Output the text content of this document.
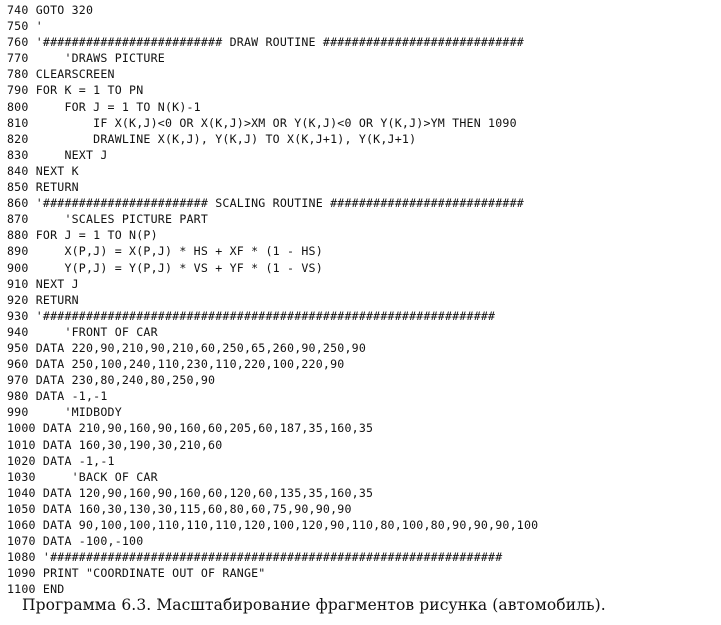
740 GOTO 320
750 '
760 '######################### DRAW ROUTINE ############################
770     'DRAWS PICTURE
780 CLEARSCREEN
790 FOR K = 1 TO PN
800     FOR J = 1 TO N(K)-1
810         IF X(K,J)<0 OR X(K,J)>XM OR Y(K,J)<0 OR Y(K,J)>YM THEN 1090
820         DRAWLINE X(K,J), Y(K,J) TO X(K,J+1), Y(K,J+1)
830     NEXT J
840 NEXT K
850 RETURN
860 '####################### SCALING ROUTINE ###########################
870     'SCALES PICTURE PART
880 FOR J = 1 TO N(P)
890     X(P,J) = X(P,J) * HS + XF * (1 - HS)
900     Y(P,J) = Y(P,J) * VS + YF * (1 - VS)
910 NEXT J
920 RETURN
930 '###############################################################
940     'FRONT OF CAR
950 DATA 220,90,210,90,210,60,250,65,260,90,250,90
960 DATA 250,100,240,110,230,110,220,100,220,90
970 DATA 230,80,240,80,250,90
980 DATA -1,-1
990     'MIDBODY
1000 DATA 210,90,160,90,160,60,205,60,187,35,160,35
1010 DATA 160,30,190,30,210,60
1020 DATA -1,-1
1030     'BACK OF CAR
1040 DATA 120,90,160,90,160,60,120,60,135,35,160,35
1050 DATA 160,30,130,30,115,60,80,60,75,90,90,90
1060 DATA 90,100,100,110,110,110,120,100,120,90,110,80,100,80,90,90,90,100
1070 DATA -100,-100
1080 '###############################################################
1090 PRINT "COORDINATE OUT OF RANGE"
1100 END
Программа 6.3. Масштабирование фрагментов рисунка (автомобиль).
